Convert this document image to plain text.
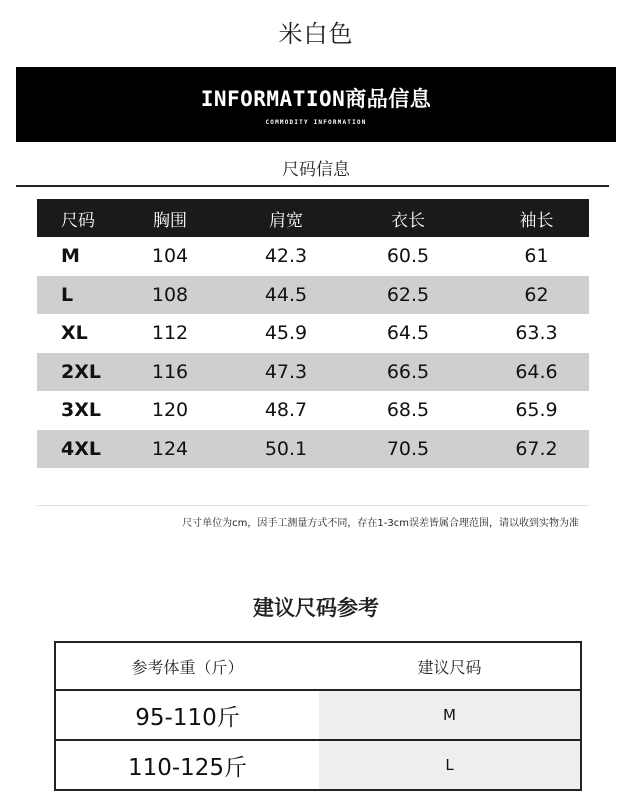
米白色
INFORMATION商品信息
COMMODITY INFORMATION
尺码信息
尺码	胸围	肩宽	衣长	袖长
M	104	42.3	60.5	61
L	108	44.5	62.5	62
XL	112	45.9	64.5	63.3
2XL	116	47.3	66.5	64.6
3XL	120	48.7	68.5	65.9
4XL	124	50.1	70.5	67.2
尺寸单位为cm，因手工测量方式不同，存在1-3cm误差皆属合理范围，请以收到实物为准
建议尺码参考
参考体重（斤）	建议尺码
95-110斤	M
110-125斤	L
